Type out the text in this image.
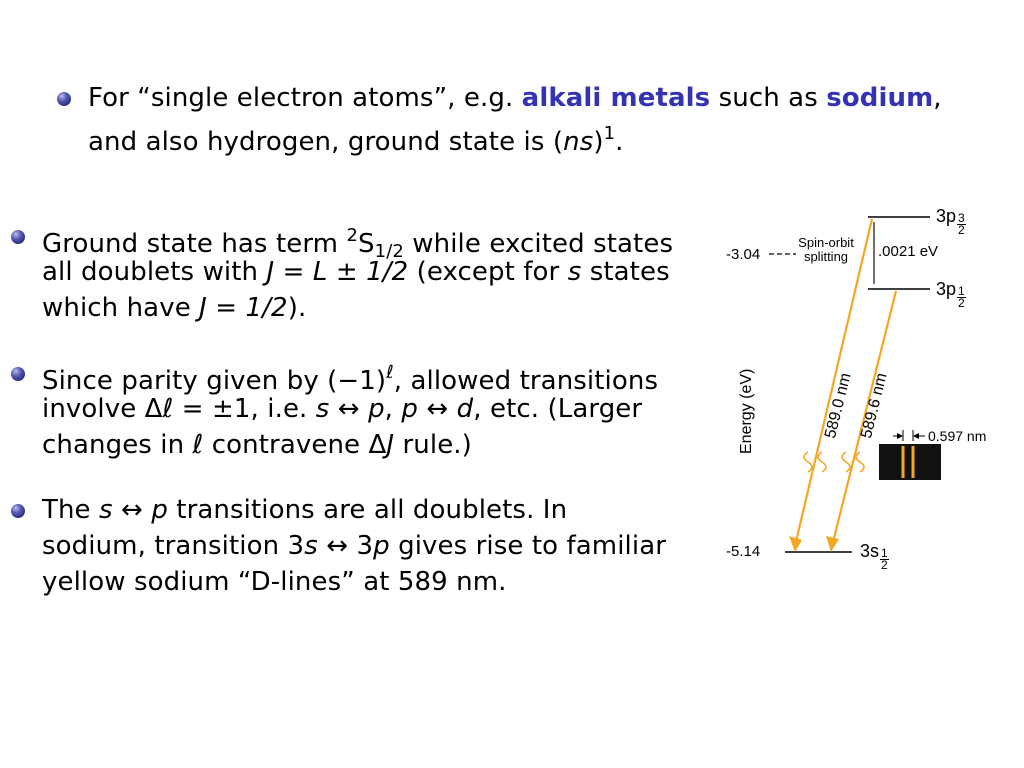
For “single electron atoms”, e.g. alkali metals such as sodium,
and also hydrogen, ground state is (ns)$^1$.
Ground state has term $^2S_{1/2}$ while excited states
all doublets with J = L ± 1/2 (except for s states
which have J = 1/2).
Since parity given by $(-1)^\ell$, allowed transitions
involve Δℓ = ±1, i.e. s ↔ p, p ↔ d, etc. (Larger
changes in ℓ contravene ΔJ rule.)
The s ↔ p transitions are all doublets. In
sodium, transition 3s ↔ 3p gives rise to familiar
yellow sodium “D-lines” at 589 nm.
-3.04
-5.14
Spin-orbit
splitting	.0021 eV
$3p \frac{3}{2}$
$3p \frac{1}{2}$
$3s \frac{1}{2}$
589.0 nm 589.6 nm
Energy (eV)	0.597 nm
